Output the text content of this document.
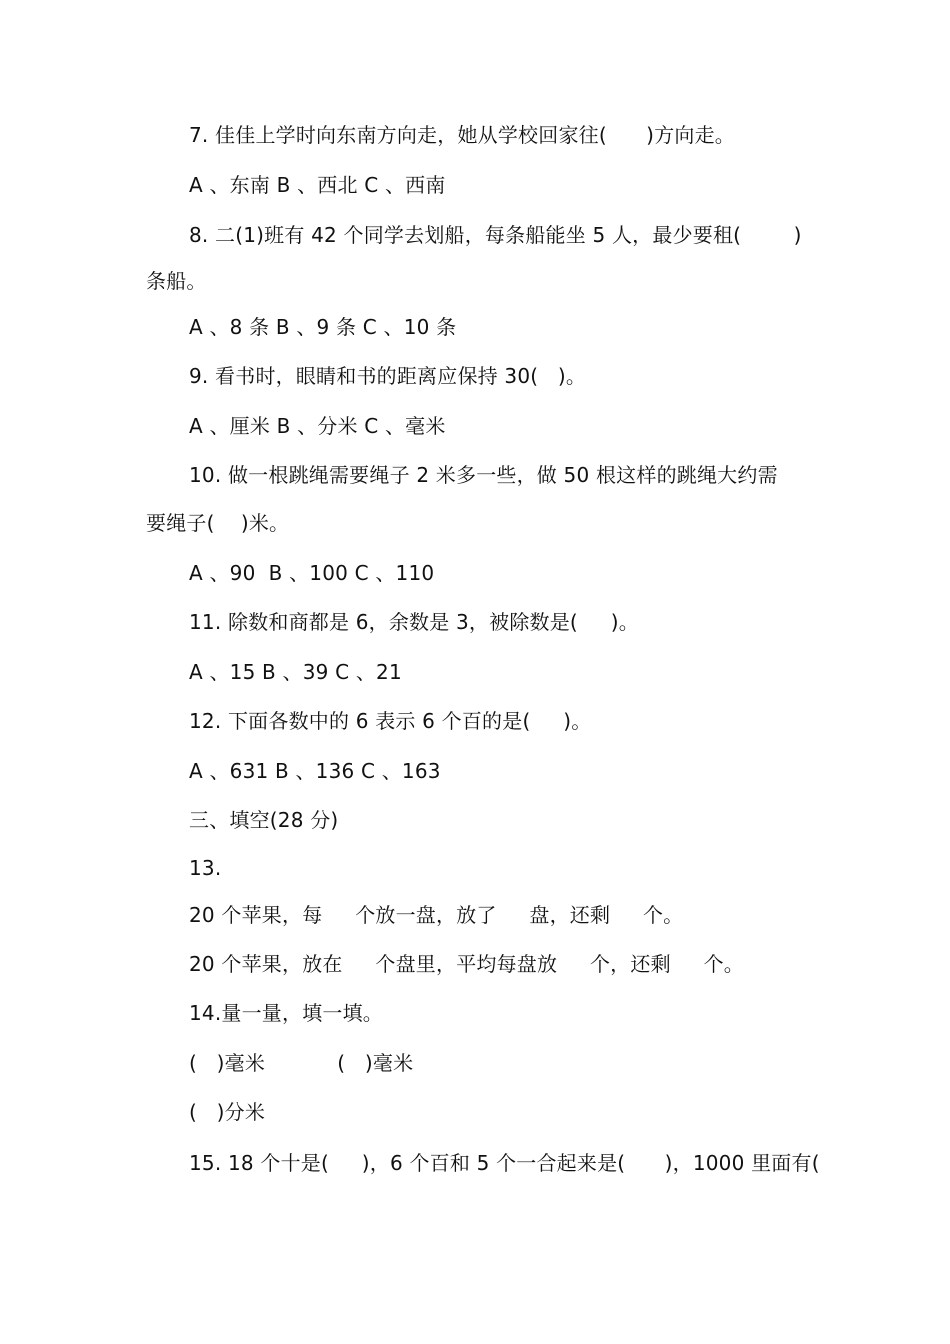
7. 佳佳上学时向东南方向走，她从学校回家往(      )方向走。
A 、东南 B 、西北 C 、西南
8. 二(1)班有 42 个同学去划船，每条船能坐 5 人，最少要租(        )
条船。
A 、8 条 B 、9 条 C 、10 条
9. 看书时，眼睛和书的距离应保持 30(   )。
A 、厘米 B 、分米 C 、毫米
10. 做一根跳绳需要绳子 2 米多一些，做 50 根这样的跳绳大约需
要绳子(    )米。
A 、90  B 、100 C 、110
11. 除数和商都是 6，余数是 3，被除数是(     )。
A 、15 B 、39 C 、21
12. 下面各数中的 6 表示 6 个百的是(     )。
A 、631 B 、136 C 、163
三、填空(28 分)
13.
20 个苹果，每     个放一盘，放了     盘，还剩     个。
20 个苹果，放在     个盘里，平均每盘放     个，还剩     个。
14.量一量，填一填。
(   )毫米           (   )毫米
(   )分米
15. 18 个十是(     )，6 个百和 5 个一合起来是(      )，1000 里面有(
